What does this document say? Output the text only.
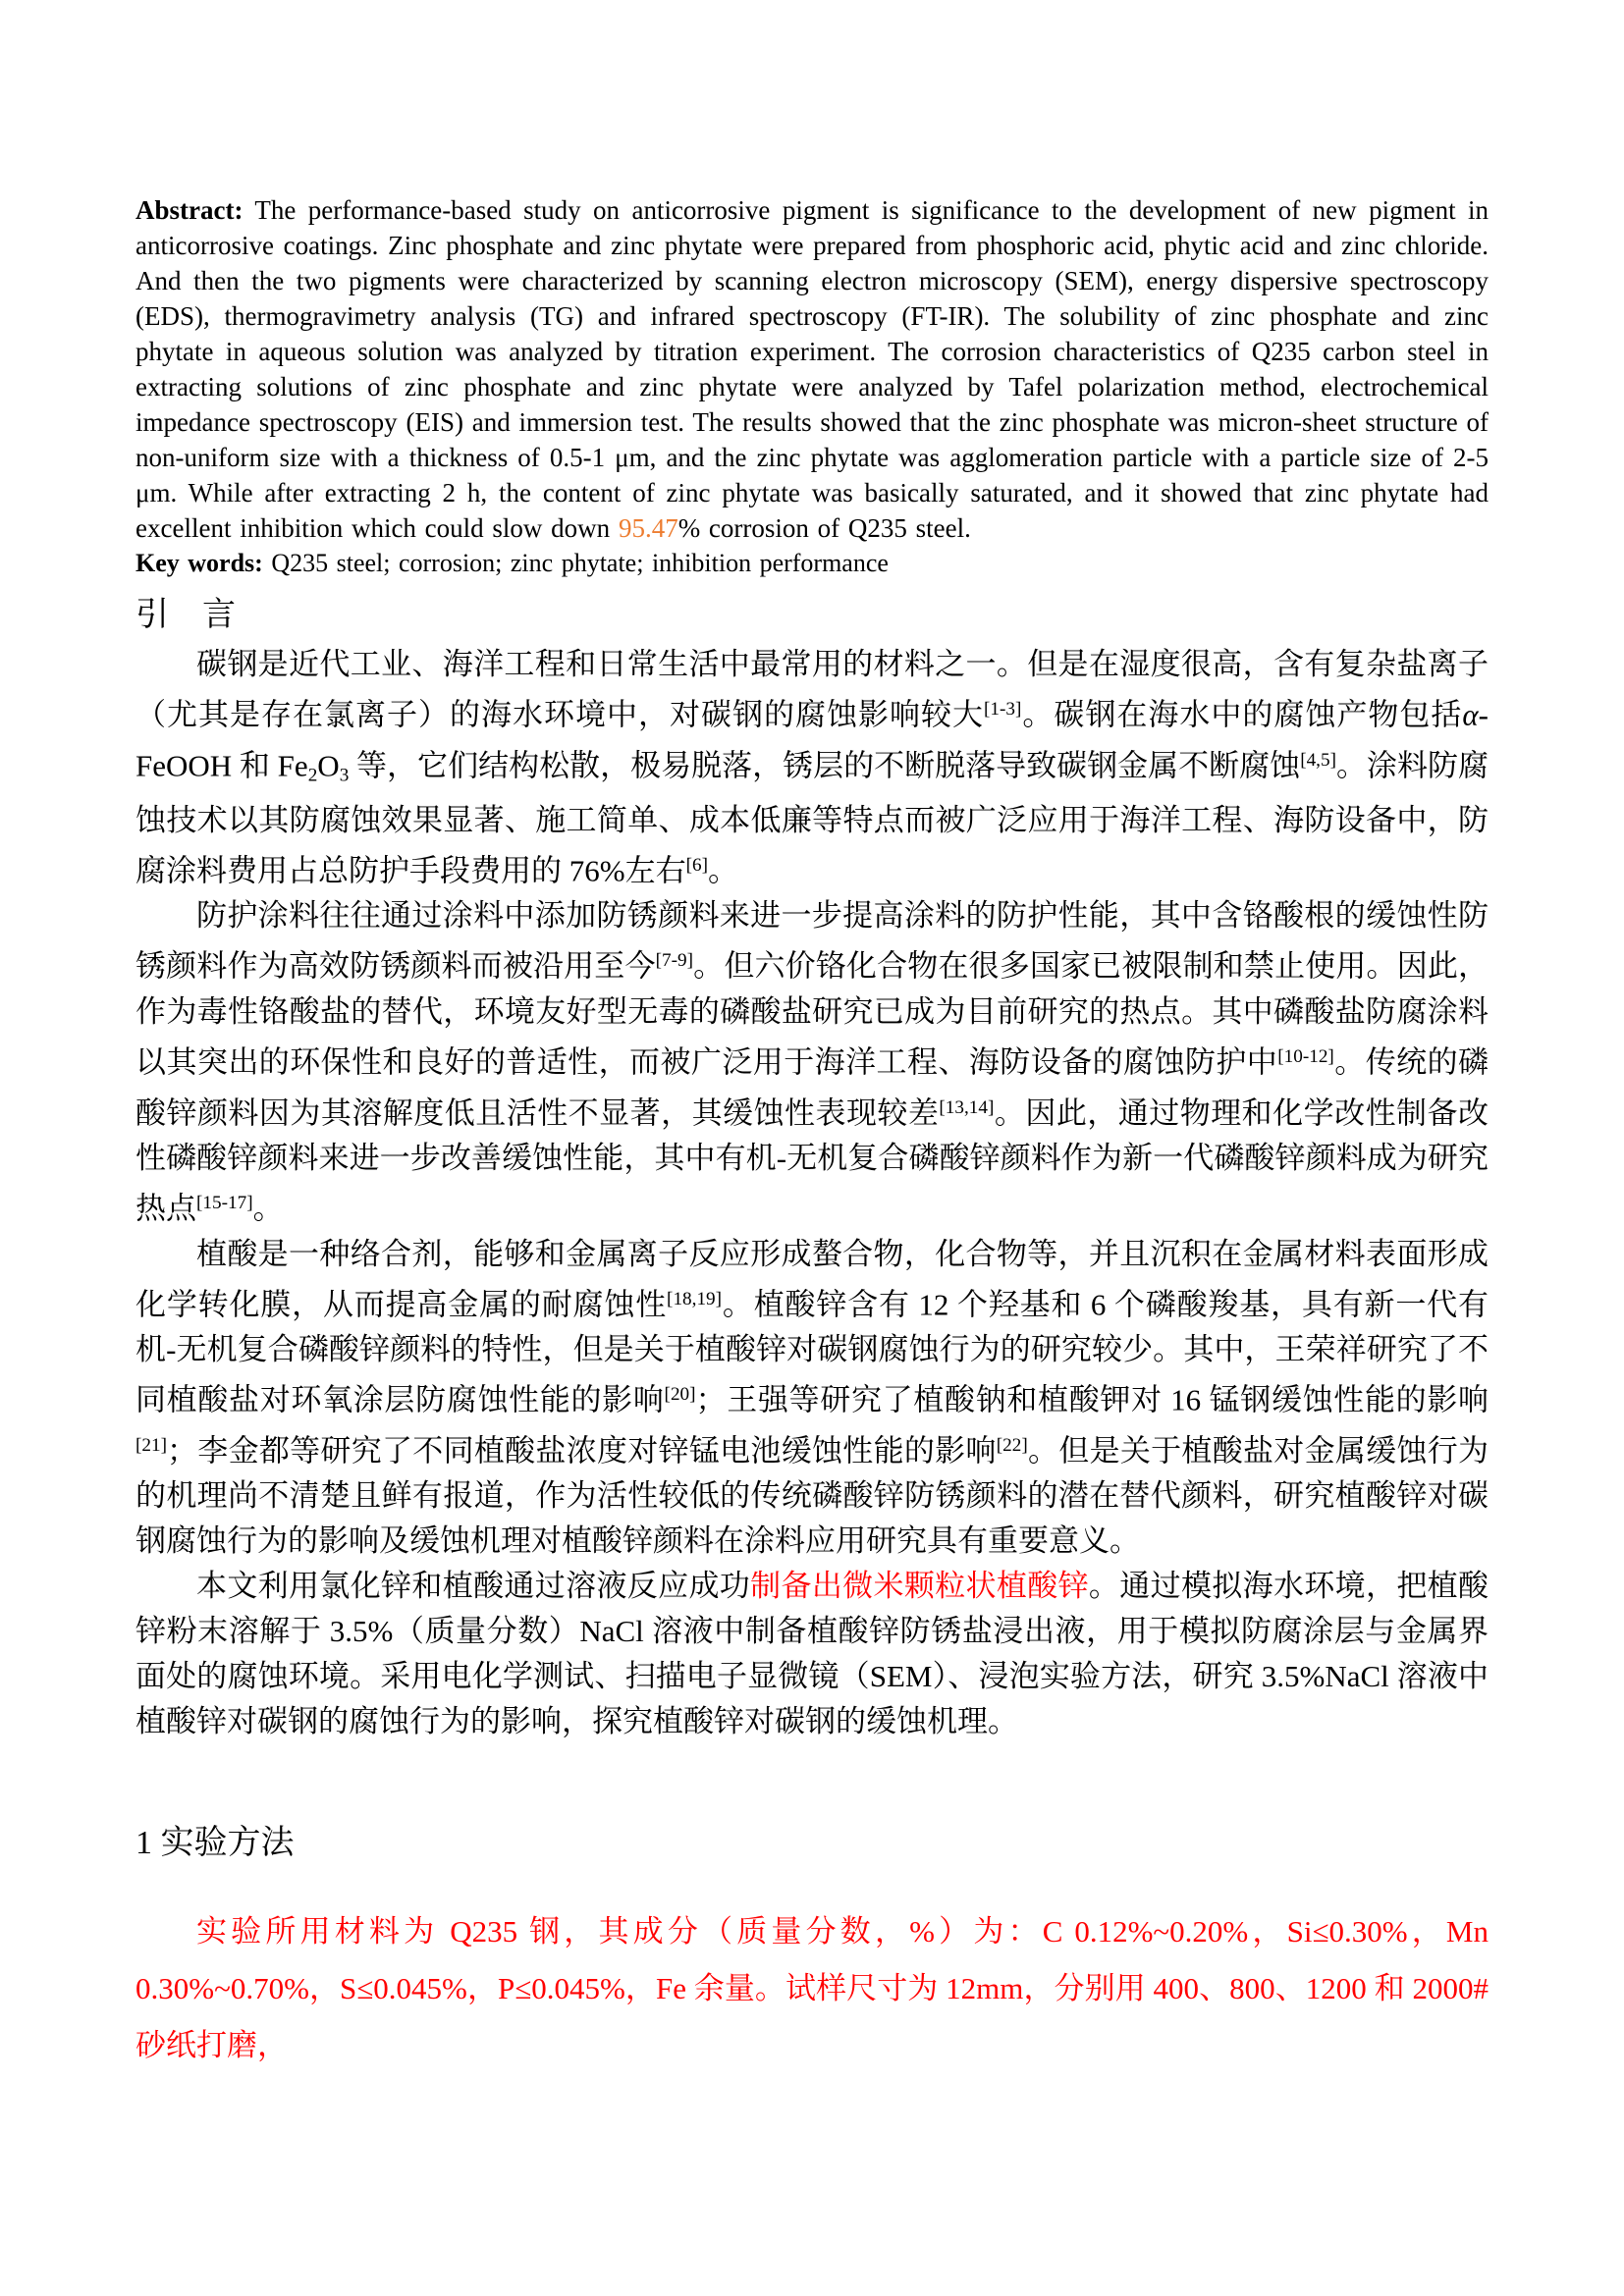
Abstract: The performance-based study on anticorrosive pigment is significance to the development of new pigment in anticorrosive coatings. Zinc phosphate and zinc phytate were prepared from phosphoric acid, phytic acid and zinc chloride. And then the two pigments were characterized by scanning electron microscopy (SEM), energy dispersive spectroscopy (EDS), thermogravimetry analysis (TG) and infrared spectroscopy (FT-IR). The solubility of zinc phosphate and zinc phytate in aqueous solution was analyzed by titration experiment. The corrosion characteristics of Q235 carbon steel in extracting solutions of zinc phosphate and zinc phytate were analyzed by Tafel polarization method, electrochemical impedance spectroscopy (EIS) and immersion test. The results showed that the zinc phosphate was micron-sheet structure of non-uniform size with a thickness of 0.5-1 μm, and the zinc phytate was agglomeration particle with a particle size of 2-5 μm. While after extracting 2 h, the content of zinc phytate was basically saturated, and it showed that zinc phytate had excellent inhibition which could slow down 95.47% corrosion of Q235 steel.

Key words: Q235 steel; corrosion; zinc phytate; inhibition performance

引　言

碳钢是近代工业、海洋工程和日常生活中最常用的材料之一。但是在湿度很高，含有复杂盐离子（尤其是存在氯离子）的海水环境中，对碳钢的腐蚀影响较大[1-3]。碳钢在海水中的腐蚀产物包括α-FeOOH 和 Fe2O3 等，它们结构松散，极易脱落，锈层的不断脱落导致碳钢金属不断腐蚀[4,5]。涂料防腐蚀技术以其防腐蚀效果显著、施工简单、成本低廉等特点而被广泛应用于海洋工程、海防设备中，防腐涂料费用占总防护手段费用的 76%左右[6]。

防护涂料往往通过涂料中添加防锈颜料来进一步提高涂料的防护性能，其中含铬酸根的缓蚀性防锈颜料作为高效防锈颜料而被沿用至今[7-9]。但六价铬化合物在很多国家已被限制和禁止使用。因此，作为毒性铬酸盐的替代，环境友好型无毒的磷酸盐研究已成为目前研究的热点。其中磷酸盐防腐涂料以其突出的环保性和良好的普适性，而被广泛用于海洋工程、海防设备的腐蚀防护中[10-12]。传统的磷酸锌颜料因为其溶解度低且活性不显著，其缓蚀性表现较差[13,14]。因此，通过物理和化学改性制备改性磷酸锌颜料来进一步改善缓蚀性能，其中有机-无机复合磷酸锌颜料作为新一代磷酸锌颜料成为研究热点[15-17]。

植酸是一种络合剂，能够和金属离子反应形成螯合物，化合物等，并且沉积在金属材料表面形成化学转化膜，从而提高金属的耐腐蚀性[18,19]。植酸锌含有 12 个羟基和 6 个磷酸羧基，具有新一代有机-无机复合磷酸锌颜料的特性，但是关于植酸锌对碳钢腐蚀行为的研究较少。其中，王荣祥研究了不同植酸盐对环氧涂层防腐蚀性能的影响[20]；王强等研究了植酸钠和植酸钾对 16 锰钢缓蚀性能的影响[21]；李金都等研究了不同植酸盐浓度对锌锰电池缓蚀性能的影响[22]。但是关于植酸盐对金属缓蚀行为的机理尚不清楚且鲜有报道，作为活性较低的传统磷酸锌防锈颜料的潜在替代颜料，研究植酸锌对碳钢腐蚀行为的影响及缓蚀机理对植酸锌颜料在涂料应用研究具有重要意义。

本文利用氯化锌和植酸通过溶液反应成功制备出微米颗粒状植酸锌。通过模拟海水环境，把植酸锌粉末溶解于 3.5%（质量分数）NaCl 溶液中制备植酸锌防锈盐浸出液，用于模拟防腐涂层与金属界面处的腐蚀环境。采用电化学测试、扫描电子显微镜（SEM）、浸泡实验方法，研究 3.5%NaCl 溶液中植酸锌对碳钢的腐蚀行为的影响，探究植酸锌对碳钢的缓蚀机理。

1 实验方法

实验所用材料为 Q235 钢，其成分（质量分数，%）为：C 0.12%~0.20%，Si≤0.30%，Mn 0.30%~0.70%，S≤0.045%，P≤0.045%，Fe 余量。试样尺寸为 12mm，分别用 400、800、1200 和 2000#砂纸打磨，
